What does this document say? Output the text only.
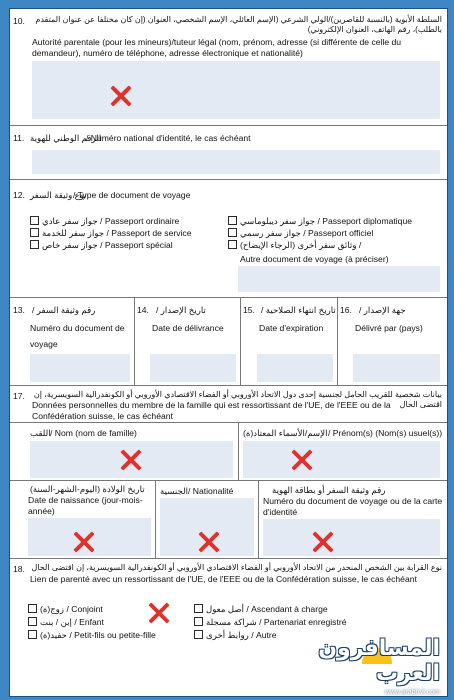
السلطة الأبوية (بالنسبة للقاصرين)/الولي الشرعي (الإسم العائلي، الإسم الشخصي، العنوان (إن كان مختلفا عن عنوان المتقدم بالطلب)، رقم الهاتف، العنوان الإلكتروني)
10.
Autorité parentale (pour les mineurs)/tuteur légal (nom, prénom, adresse (si différente de celle du demandeur), numéro de téléphone, adresse électronique et nationalité)
11. الرقم الوطني للهوية
/ Numéro national d'identité, le cas échéant
12. نوع وثيقة السفر
/ Type de document de voyage
جواز سفر عادي / Passeport ordinaire
جواز سفر للخدمة / Passeport de service
جواز سفر خاص / Passeport spécial
جواز سفر ديبلوماسي / Passeport diplomatique
جواز سفر رسمي / Passeport officiel
وثائق سفر أخرى (الرجاء الإيضاح) /
Autre document de voyage (à préciser)
13. رقم وثيقة السفر /
Numéro du document de voyage
14. تاريخ الإصدار /
Date de délivrance
15. تاريخ انتهاء الصلاحية /
Date d'expiration
16. جهة الإصدار /
Délivré par (pays)
بيانات شخصية للقريب الحامل لجنسية إحدى دول الاتحاد الأوروبي أو الفضاء الاقتصادي الأوروبي أو الكونفدرالية السويسرية، إن اقتضى الحال
17.
Données personnelles du membre de la famille qui est ressortissant de l'UE, de l'EEE ou de la Confédération suisse, le cas échéant
اللقب / Nom (nom de famille)	(الإسم/الأسماء المعتاد(ة / Prénom(s) (Nom(s) usuel(s))
تاريخ الولادة (اليوم-الشهر-السنة)
Date de naissance (jour-mois-année)
الجنسية / Nationalité	رقم وثيقة السفر أو بطاقة الهوية
Numéro du document de voyage ou de la carte d'identité
نوع القرابة بين الشخص المنحدر من الاتحاد الأوروبي أو الفضاء الاقتصادي الأوروبي أو الكونفدرالية السويسرية، إن اقتضى الحال
18.
Lien de parenté avec un ressortissant de l'UE, de l'EEE ou de la Confédération suisse, le cas échéant
زوج(ة) / Conjoint
إبن / بنت / Enfant
حفيد(ة) / Petit-fils ou petite-fille
أصل معول / Ascendant à charge
شراكة مسجلة / Partenariat enregistré
روابط أخرى / Autre
المسافرون العرب
www.arabtrvl.com
